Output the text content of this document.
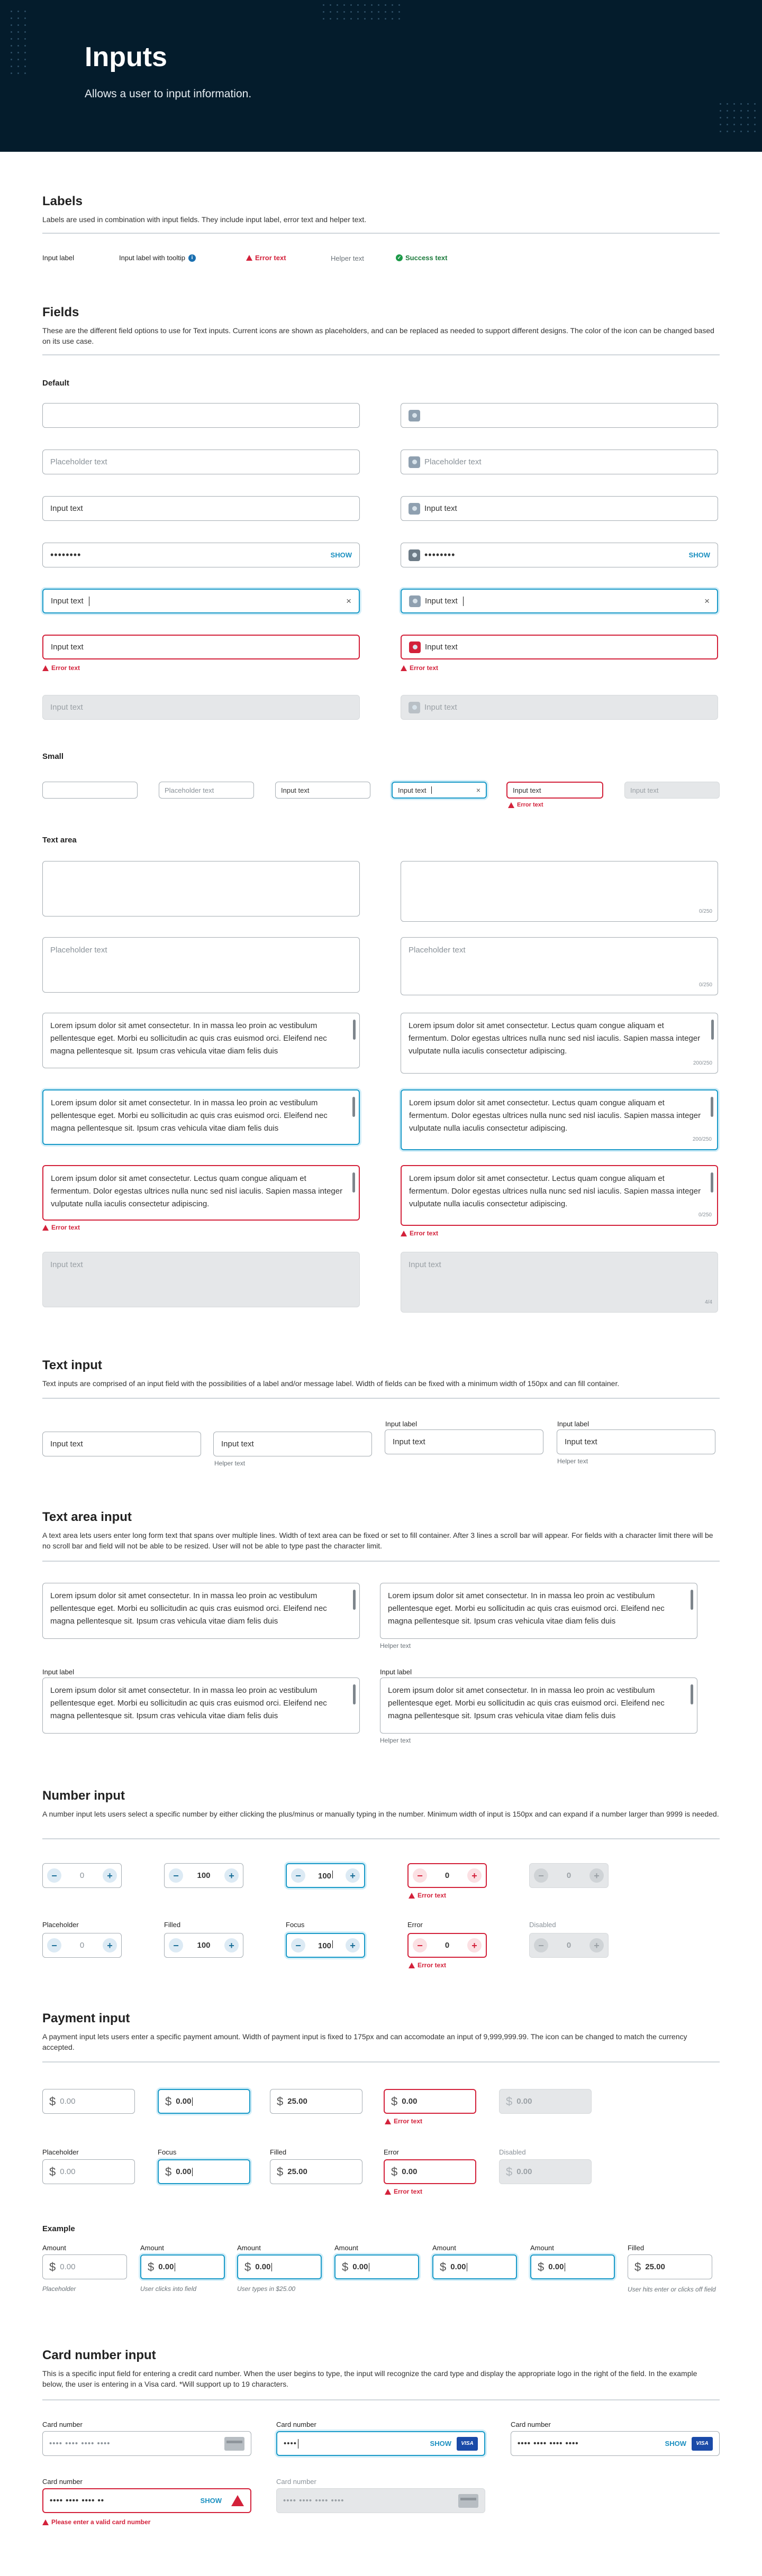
Inputs

Allows a user to input information.

Labels
Labels are used in combination with input fields. They include input label, error text and helper text.
Input label	Input label with tooltip	i	Error text	Helper text	✓ Success text
Fields
These are the different field options to use for Text inputs. Current icons are shown as placeholders, and can be replaced as needed to support different designs. The color of the icon can be changed based on its use case.
Default
Placeholder text
Input text
••••••••	SHOW
Input text	×
Input text
Error text
Input text
Placeholder text
Input text
••••••••	SHOW
Input text	×
Input text
Error text
Input text
Small
Placeholder text	Input text	Input text	×	Input text
Error text
Input text
Text area
Placeholder text
Lorem ipsum dolor sit amet consectetur. In in massa leo proin ac vestibulum pellentesque eget. Morbi eu sollicitudin ac quis cras euismod orci. Eleifend nec magna pellentesque sit. Ipsum cras vehicula vitae diam felis duis
Lorem ipsum dolor sit amet consectetur. In in massa leo proin ac vestibulum pellentesque eget. Morbi eu sollicitudin ac quis cras euismod orci. Eleifend nec magna pellentesque sit. Ipsum cras vehicula vitae diam felis duis
Lorem ipsum dolor sit amet consectetur. Lectus quam congue aliquam et fermentum. Dolor egestas ultrices nulla nunc sed nisl iaculis. Sapien massa integer vulputate nulla iaculis consectetur adipiscing.
Error text
Input text
0/250
Placeholder text
0/250
Lorem ipsum dolor sit amet consectetur. Lectus quam congue aliquam et fermentum. Dolor egestas ultrices nulla nunc sed nisl iaculis. Sapien massa integer vulputate nulla iaculis consectetur adipiscing.
200/250
Lorem ipsum dolor sit amet consectetur. Lectus quam congue aliquam et fermentum. Dolor egestas ultrices nulla nunc sed nisl iaculis. Sapien massa integer vulputate nulla iaculis consectetur adipiscing.
200/250
Lorem ipsum dolor sit amet consectetur. Lectus quam congue aliquam et fermentum. Dolor egestas ultrices nulla nunc sed nisl iaculis. Sapien massa integer vulputate nulla iaculis consectetur adipiscing.
0/250
Error text
Input text
4/4
Text input
Text inputs are comprised of an input field with the possibilities of a label and/or message label. Width of fields can be fixed with a minimum width of 150px and can fill container.
Input text	Input text
Helper text
Input label
Input text
Input label
Input text
Helper text
Text area input
A text area lets users enter long form text that spans over multiple lines. Width of text area can be fixed or set to fill container. After 3 lines a scroll bar will appear. For fields with a character limit there will be no scroll bar and field will not be able to be resized. User will not be able to type past the character limit.
Lorem ipsum dolor sit amet consectetur. In in massa leo proin ac vestibulum pellentesque eget. Morbi eu sollicitudin ac quis cras euismod orci. Eleifend nec magna pellentesque sit. Ipsum cras vehicula vitae diam felis duis
Lorem ipsum dolor sit amet consectetur. In in massa leo proin ac vestibulum pellentesque eget. Morbi eu sollicitudin ac quis cras euismod orci. Eleifend nec magna pellentesque sit. Ipsum cras vehicula vitae diam felis duis
Helper text
Input label
Lorem ipsum dolor sit amet consectetur. In in massa leo proin ac vestibulum pellentesque eget. Morbi eu sollicitudin ac quis cras euismod orci. Eleifend nec magna pellentesque sit. Ipsum cras vehicula vitae diam felis duis
Input label
Lorem ipsum dolor sit amet consectetur. In in massa leo proin ac vestibulum pellentesque eget. Morbi eu sollicitudin ac quis cras euismod orci. Eleifend nec magna pellentesque sit. Ipsum cras vehicula vitae diam felis duis
Helper text
Number input
A number input lets users select a specific number by either clicking the plus/minus or manually typing in the number. Minimum width of input is 150px and can expand if a number larger than 9999 is needed.
−	0	+	−	100	+	−	100	+	−	0	+
Error text
−	0	+
Placeholder	Filled	Focus	Error	Disabled
−	0	+	−	100	+	−	100	+	−	0	+
Error text
−	0	+
Payment input
A payment input lets users enter a specific payment amount. Width of payment input is fixed to 175px and can accomodate an input of 9,999,999.99. The icon can be changed to match the currency accepted.
$ 0.00	$ 0.00	$ 25.00	$ 0.00
Error text
$ 0.00
Placeholder	Focus	Filled	Error	Disabled
$ 0.00	$ 0.00	$ 25.00	$ 0.00
Error text
$ 0.00
Example
Amount
$ 0.00
Placeholder
Amount
$ 0.00
User clicks into field
Amount
$ 0.00
User types in $25.00
Amount
$ 0.00
Amount
$ 0.00
Amount
$ 0.00
Filled
$ 25.00
User hits enter or clicks off field
Card number input
This is a specific input field for entering a credit card number. When the user begins to type, the input will recognize the card type and display the appropriate logo in the right of the field. In the example below, the user is entering in a Visa card. *Will support up to 19 characters.
Card number
•••• •••• •••• ••••
Card number
••••	SHOW	VISA
Card number
•••• •••• •••• ••••	SHOW	VISA
Card number
•••• •••• •••• ••	SHOW
Please enter a valid card number
Card number
•••• •••• •••• ••••
